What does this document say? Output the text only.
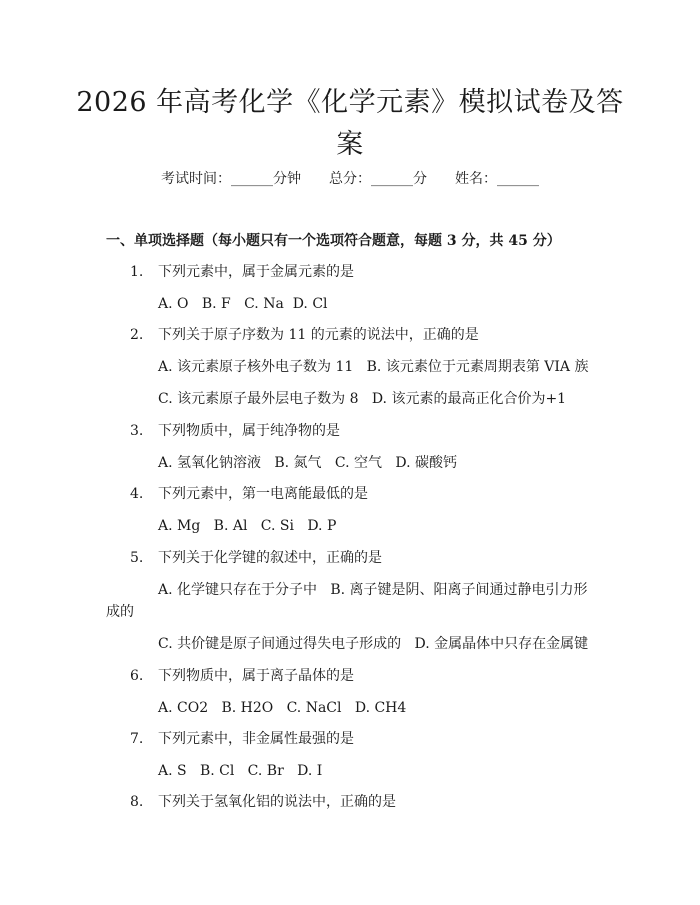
2026 年高考化学《化学元素》模拟试卷及答
案
考试时间：______分钟 总分：______分 姓名：______
一、单项选择题（每小题只有一个选项符合题意，每题 3 分，共 45 分）
1. 下列元素中，属于金属元素的是
A. O   B. F   C. Na  D. Cl
2. 下列关于原子序数为 11 的元素的说法中，正确的是
A. 该元素原子核外电子数为 11   B. 该元素位于元素周期表第 VIA 族
C. 该元素原子最外层电子数为 8   D. 该元素的最高正化合价为+1
3. 下列物质中，属于纯净物的是
A. 氢氧化钠溶液   B. 氮气   C. 空气   D. 碳酸钙
4. 下列元素中，第一电离能最低的是
A. Mg   B. Al   C. Si   D. P
5. 下列关于化学键的叙述中，正确的是
A. 化学键只存在于分子中   B. 离子键是阴、阳离子间通过静电引力形
成的
C. 共价键是原子间通过得失电子形成的   D. 金属晶体中只存在金属键
6. 下列物质中，属于离子晶体的是
A. CO2   B. H2O   C. NaCl   D. CH4
7. 下列元素中，非金属性最强的是
A. S   B. Cl   C. Br   D. I
8. 下列关于氢氧化铝的说法中，正确的是
